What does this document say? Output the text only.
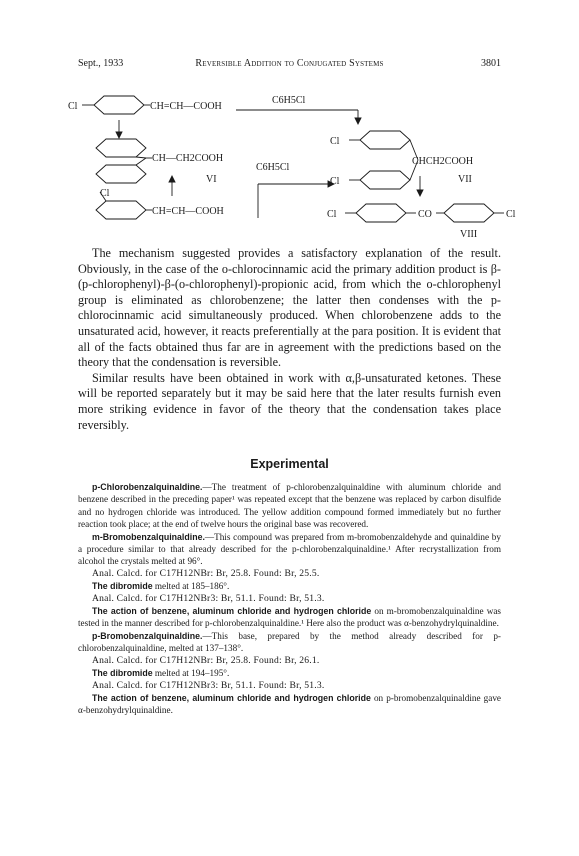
Sept., 1933	Reversible Addition to Conjugated Systems	3801
Cl	CH=CH—COOH
C6H5Cl
CH—CH2COOH
C6H5Cl
VI
Cl
CH=CH—COOH
Cl
Cl
CHCH2COOH
VII
Cl	CO	Cl
VIII

The mechanism suggested provides a satisfactory explanation of the result. Obviously, in the case of the o-chlorocinnamic acid the primary addition product is β-(p-chlorophenyl)-β-(o-chlorophenyl)-propionic acid, from which the o-chlorophenyl group is eliminated as chlorobenzene; the latter then condenses with the p-chlorocinnamic acid simultaneously produced. When chlorobenzene adds to the unsaturated acid, however, it reacts preferentially at the para position. It is evident that all of the facts obtained thus far are in agreement with the predictions based on the theory that the condensation is reversible.

Similar results have been obtained in work with α,β-unsaturated ketones. These will be reported separately but it may be said here that the later results furnish even more striking evidence in favor of the theory that the condensation takes place reversibly.

Experimental

p-Chlorobenzalquinaldine.—The treatment of p-chlorobenzalquinaldine with aluminum chloride and benzene described in the preceding paper¹ was repeated except that the benzene was replaced by carbon disulfide and no hydrogen chloride was introduced. The yellow addition compound formed immediately but no further reaction took place; at the end of twelve hours the original base was recovered.

m-Bromobenzalquinaldine.—This compound was prepared from m-bromobenzaldehyde and quinaldine by a procedure similar to that already described for the p-chlorobenzalquinaldine.¹ After recrystallization from alcohol the crystals melted at 96°.

Anal. Calcd. for C17H12NBr: Br, 25.8. Found: Br, 25.5.

The dibromide melted at 185–186°.

Anal. Calcd. for C17H12NBr3: Br, 51.1. Found: Br, 51.3.

The action of benzene, aluminum chloride and hydrogen chloride on m-bromobenzalquinaldine was tested in the manner described for p-chlorobenzalquinaldine.¹ Here also the product was α-benzohydrylquinaldine.

p-Bromobenzalquinaldine.—This base, prepared by the method already described for p-chlorobenzalquinaldine, melted at 137–138°.

Anal. Calcd. for C17H12NBr: Br, 25.8. Found: Br, 26.1.

The dibromide melted at 194–195°.

Anal. Calcd. for C17H12NBr3: Br, 51.1. Found: Br, 51.3.

The action of benzene, aluminum chloride and hydrogen chloride on p-bromobenzalquinaldine gave α-benzohydrylquinaldine.
